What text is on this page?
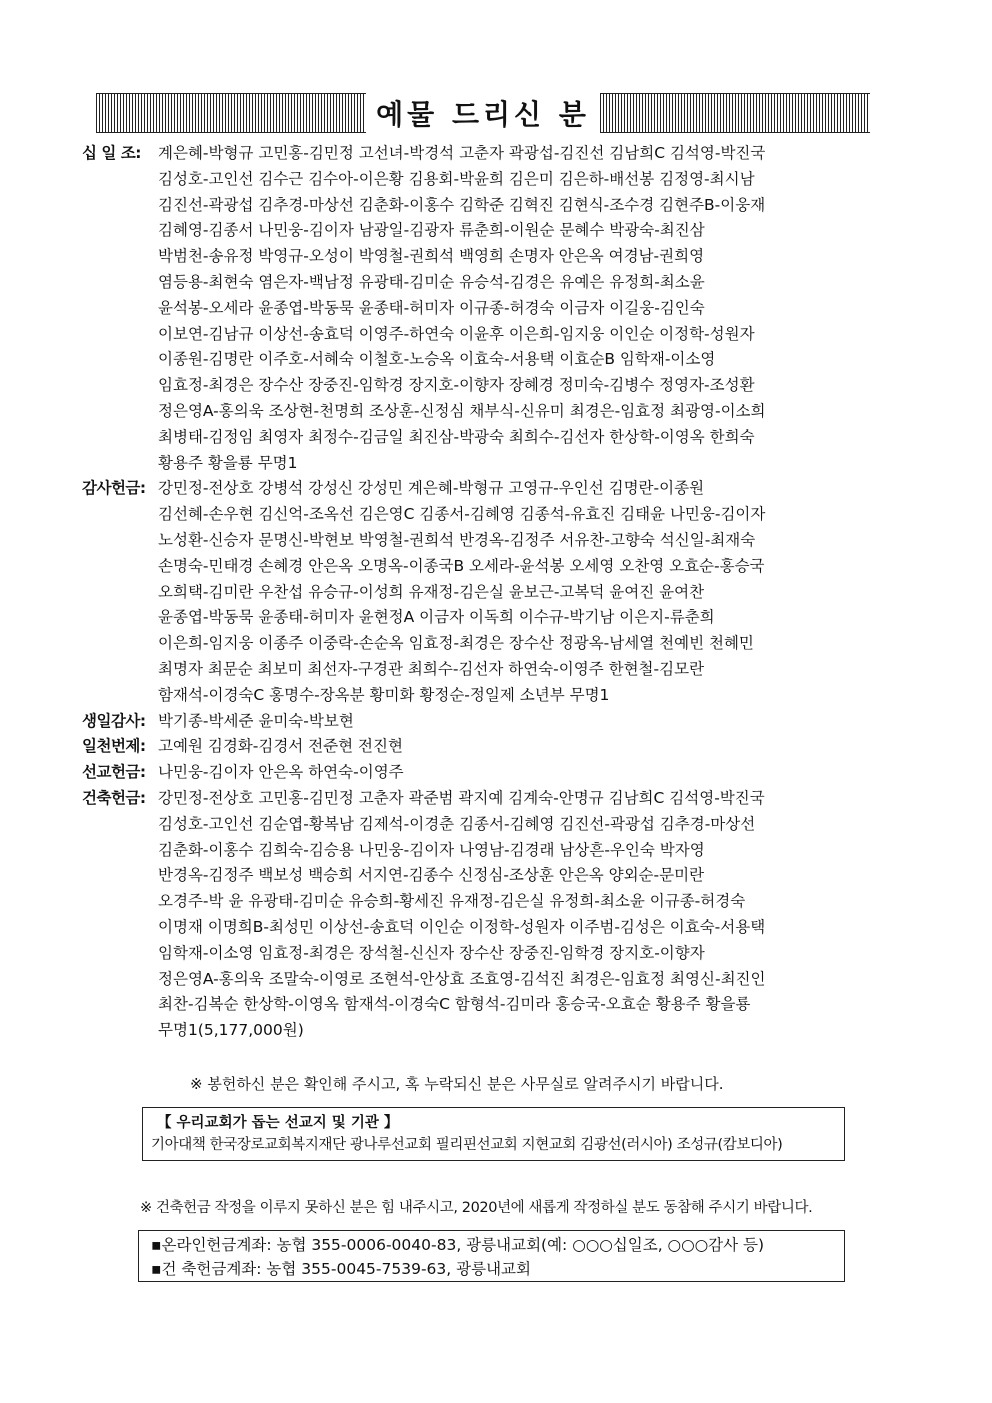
예물 드리신 분
십 일 조:	계은혜-박형규 고민홍-김민정 고선녀-박경석 고춘자 곽광섭-김진선 김남희C 김석영-박진국
김성호-고인선 김수근 김수아-이은황 김용회-박윤희 김은미 김은하-배선봉 김정영-최시남
김진선-곽광섭 김추경-마상선 김춘화-이홍수 김학준 김혁진 김현식-조수경 김현주B-이웅재
김혜영-김종서 나민웅-김이자 남광일-김광자 류춘희-이원순 문혜수 박광숙-최진삼
박범천-송유정 박영규-오성이 박영철-권희석 백영희 손명자 안은옥 여경남-권희영
염등용-최현숙 염은자-백남정 유광태-김미순 유승석-김경은 유예은 유정희-최소윤
윤석봉-오세라 윤종엽-박동묵 윤종태-허미자 이규종-허경숙 이금자 이길웅-김인숙
이보연-김남규 이상선-송효덕 이영주-하연숙 이윤후 이은희-임지웅 이인순 이정학-성원자
이종원-김명란 이주호-서혜숙 이철호-노승옥 이효숙-서용택 이효순B 임학재-이소영
임효정-최경은 장수산 장중진-임학경 장지호-이향자 장혜경 정미숙-김병수 정영자-조성환
정은영A-홍의욱 조상현-천명희 조상훈-신정심 채부식-신유미 최경은-임효정 최광영-이소희
최병태-김정임 최영자 최정수-김금일 최진삼-박광숙 최희수-김선자 한상학-이영옥 한희숙
황용주 황을룡 무명1
감사헌금: 강민정-전상호 강병석 강성신 강성민 계은혜-박형규 고영규-우인선 김명란-이종원
김선혜-손우현 김신억-조옥선 김은영C 김종서-김혜영 김종석-유효진 김태윤 나민웅-김이자
노성환-신승자 문명신-박현보 박영철-권희석 반경옥-김정주 서유찬-고향숙 석신일-최재숙
손명숙-민태경 손혜경 안은옥 오명옥-이종국B 오세라-윤석봉 오세영 오찬영 오효순-홍승국
오희택-김미란 우찬섭 유승규-이성희 유재정-김은실 윤보근-고복덕 윤여진 윤여찬
윤종엽-박동묵 윤종태-허미자 윤현정A 이금자 이독희 이수규-박기남 이은지-류춘희
이은희-임지웅 이종주 이중락-손순옥 임효정-최경은 장수산 정광옥-남세열 천예빈 천혜민
최명자 최문순 최보미 최선자-구경관 최희수-김선자 하연숙-이영주 한현철-김모란
함재석-이경숙C 홍명수-장옥분 황미화 황정순-정일제 소년부 무명1
생일감사: 박기종-박세준 윤미숙-박보현
일천번제: 고예원 김경화-김경서 전준현 전진현
선교헌금: 나민웅-김이자 안은옥 하연숙-이영주
건축헌금: 강민정-전상호 고민홍-김민정 고춘자 곽준범 곽지예 김계숙-안명규 김남희C 김석영-박진국
김성호-고인선 김순엽-황복남 김제석-이경춘 김종서-김혜영 김진선-곽광섭 김추경-마상선
김춘화-이홍수 김희숙-김승용 나민웅-김이자 나영남-김경래 남상흔-우인숙 박자영
반경옥-김정주 백보성 백승희 서지연-김종수 신정심-조상훈 안은옥 양외순-문미란
오경주-박 윤 유광태-김미순 유승희-황세진 유재정-김은실 유정희-최소윤 이규종-허경숙
이명재 이명희B-최성민 이상선-송효덕 이인순 이정학-성원자 이주범-김성은 이효숙-서용택
임학재-이소영 임효정-최경은 장석철-신신자 장수산 장중진-임학경 장지호-이향자
정은영A-홍의욱 조말숙-이영로 조현석-안상효 조효영-김석진 최경은-임효정 최영신-최진인
최찬-김복순 한상학-이영옥 함재석-이경숙C 함형석-김미라 홍승국-오효순 황용주 황을룡
무명1(5,177,000원)
※ 봉헌하신 분은 확인해 주시고, 혹 누락되신 분은 사무실로 알려주시기 바랍니다.
【 우리교회가 돕는 선교지 및 기관 】
기아대책 한국장로교회복지재단 광나루선교회 필리핀선교회 지현교회 김광선(러시아) 조성규(캄보디아)
※ 건축헌금 작정을 이루지 못하신 분은 힘 내주시고, 2020년에 새롭게 작정하실 분도 동참해 주시기 바랍니다.
▪온라인헌금계좌: 농협 355-0006-0040-83, 광릉내교회(예: ○○○십일조, ○○○감사 등)
▪건 축헌금계좌: 농협 355-0045-7539-63, 광릉내교회
